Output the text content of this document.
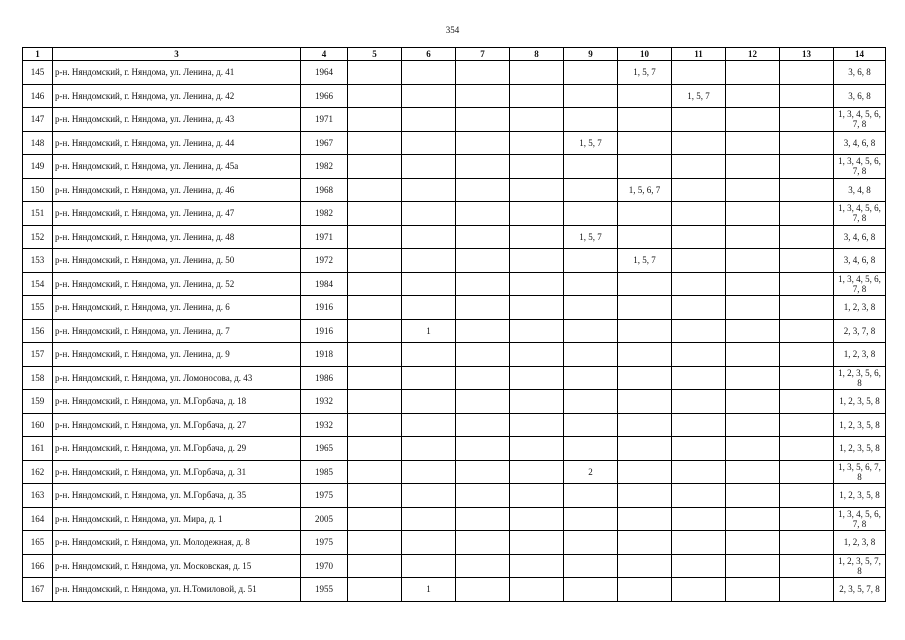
354
1	3	4	5	6	7	8	9	10	11	12	13	14
145	р-н. Няндомский, г. Няндома, ул. Ленина, д. 41	1964						1, 5, 7				3, 6, 8
146	р-н. Няндомский, г. Няндома, ул. Ленина, д. 42	1966							1, 5, 7			3, 6, 8
147	р-н. Няндомский, г. Няндома, ул. Ленина, д. 43	1971										1, 3, 4, 5, 6, 7, 8
148	р-н. Няндомский, г. Няндома, ул. Ленина, д. 44	1967					1, 5, 7					3, 4, 6, 8
149	р-н. Няндомский, г. Няндома, ул. Ленина, д. 45а	1982										1, 3, 4, 5, 6, 7, 8
150	р-н. Няндомский, г. Няндома, ул. Ленина, д. 46	1968						1, 5, 6, 7				3, 4, 8
151	р-н. Няндомский, г. Няндома, ул. Ленина, д. 47	1982										1, 3, 4, 5, 6, 7, 8
152	р-н. Няндомский, г. Няндома, ул. Ленина, д. 48	1971					1, 5, 7					3, 4, 6, 8
153	р-н. Няндомский, г. Няндома, ул. Ленина, д. 50	1972						1, 5, 7				3, 4, 6, 8
154	р-н. Няндомский, г. Няндома, ул. Ленина, д. 52	1984										1, 3, 4, 5, 6, 7, 8
155	р-н. Няндомский, г. Няндома, ул. Ленина, д. 6	1916										1, 2, 3, 8
156	р-н. Няндомский, г. Няндома, ул. Ленина, д. 7	1916		1								2, 3, 7, 8
157	р-н. Няндомский, г. Няндома, ул. Ленина, д. 9	1918										1, 2, 3, 8
158	р-н. Няндомский, г. Няндома, ул. Ломоносова, д. 43	1986										1, 2, 3, 5, 6, 8
159	р-н. Няндомский, г. Няндома, ул. М.Горбача, д. 18	1932										1, 2, 3, 5, 8
160	р-н. Няндомский, г. Няндома, ул. М.Горбача, д. 27	1932										1, 2, 3, 5, 8
161	р-н. Няндомский, г. Няндома, ул. М.Горбача, д. 29	1965										1, 2, 3, 5, 8
162	р-н. Няндомский, г. Няндома, ул. М.Горбача, д. 31	1985					2					1, 3, 5, 6, 7, 8
163	р-н. Няндомский, г. Няндома, ул. М.Горбача, д. 35	1975										1, 2, 3, 5, 8
164	р-н. Няндомский, г. Няндома, ул. Мира, д. 1	2005										1, 3, 4, 5, 6, 7, 8
165	р-н. Няндомский, г. Няндома, ул. Молодежная, д. 8	1975										1, 2, 3, 8
166	р-н. Няндомский, г. Няндома, ул. Московская, д. 15	1970										1, 2, 3, 5, 7, 8
167	р-н. Няндомский, г. Няндома, ул. Н.Томиловой, д. 51	1955		1								2, 3, 5, 7, 8
